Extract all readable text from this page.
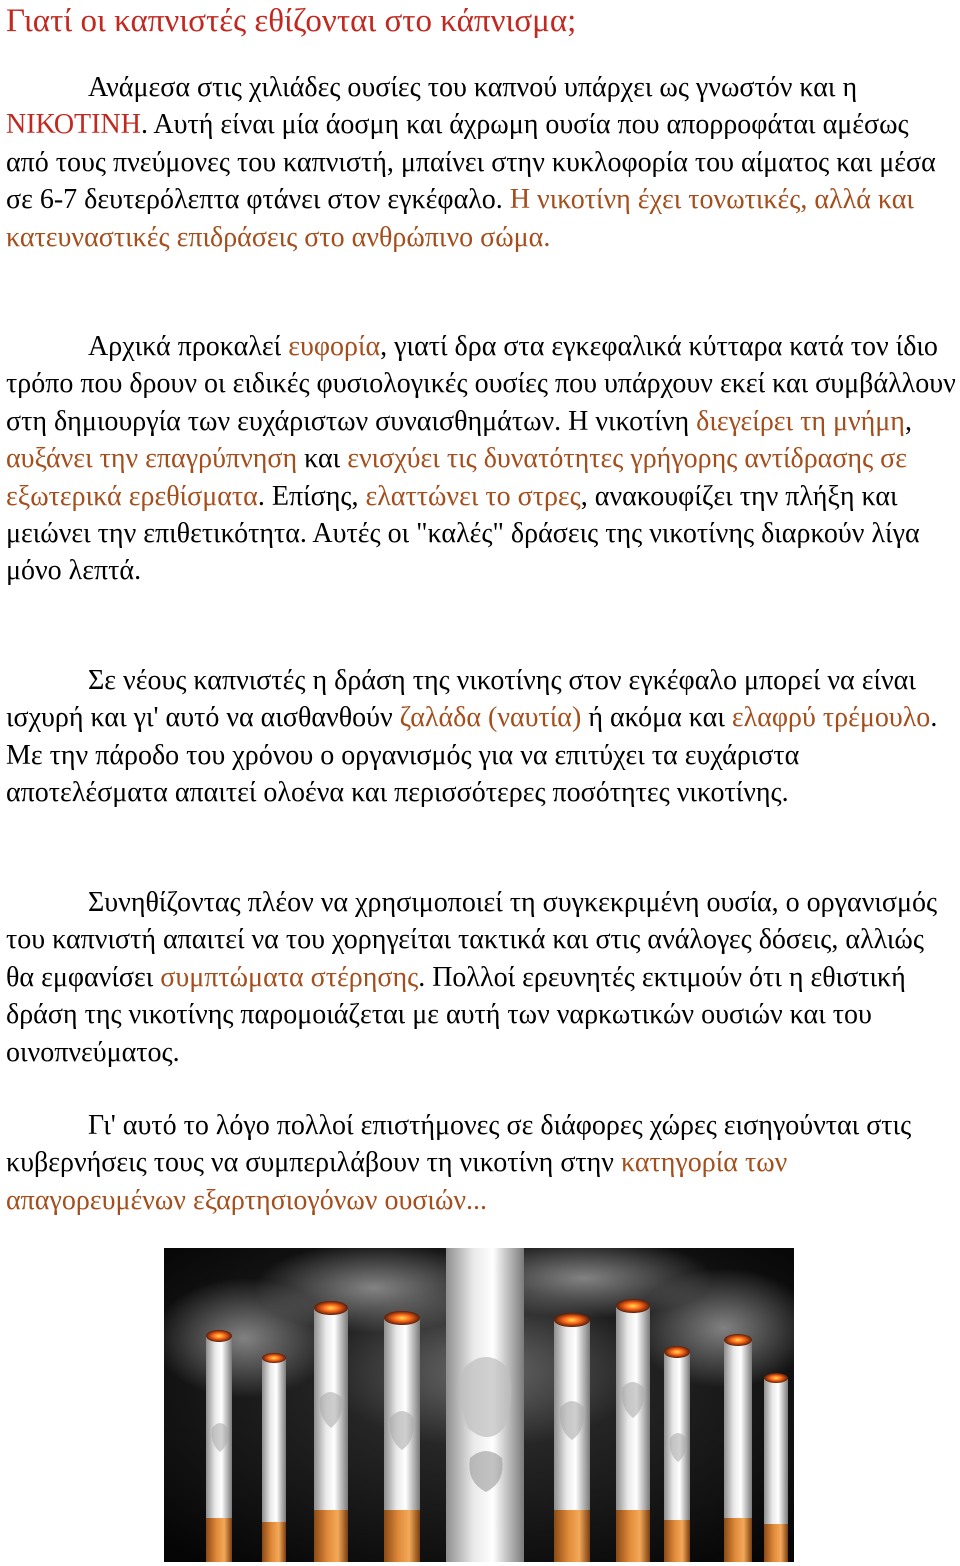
Γιατί οι καπνιστές εθίζονται στο κάπνισμα;

Ανάμεσα στις χιλιάδες ουσίες του καπνού υπάρχει ως γνωστόν και η ΝΙΚΟΤΙΝΗ. Αυτή είναι μία άοσμη και άχρωμη ουσία που απορροφάται αμέσως από τους πνεύμονες του καπνιστή, μπαίνει στην κυκλοφορία του αίματος και μέσα σε 6-7 δευτερόλεπτα φτάνει στον εγκέφαλο. Η νικοτίνη έχει τονωτικές, αλλά και κατευναστικές επιδράσεις στο ανθρώπινο σώμα.

Αρχικά προκαλεί ευφορία, γιατί δρα στα εγκεφαλικά κύτταρα κατά τον ίδιο τρόπο που δρουν οι ειδικές φυσιολογικές ουσίες που υπάρχουν εκεί και συμβάλλουν στη δημιουργία των ευχάριστων συναισθημάτων. Η νικοτίνη διεγείρει τη μνήμη, αυξάνει την επαγρύπνηση και ενισχύει τις δυνατότητες γρήγορης αντίδρασης σε εξωτερικά ερεθίσματα. Επίσης, ελαττώνει το στρες, ανακουφίζει την πλήξη και μειώνει την επιθετικότητα. Αυτές οι "καλές" δράσεις της νικοτίνης διαρκούν λίγα μόνο λεπτά.

Σε νέους καπνιστές η δράση της νικοτίνης στον εγκέφαλο μπορεί να είναι ισχυρή και γι' αυτό να αισθανθούν ζαλάδα (ναυτία) ή ακόμα και ελαφρύ τρέμουλο. Με την πάροδο του χρόνου ο οργανισμός για να επιτύχει τα ευχάριστα αποτελέσματα απαιτεί ολοένα και περισσότερες ποσότητες νικοτίνης.

Συνηθίζοντας πλέον να χρησιμοποιεί τη συγκεκριμένη ουσία, ο οργανισμός του καπνιστή απαιτεί να του χορηγείται τακτικά και στις ανάλογες δόσεις, αλλιώς θα εμφανίσει συμπτώματα στέρησης. Πολλοί ερευνητές εκτιμούν ότι η εθιστική δράση της νικοτίνης παρομοιάζεται με αυτή των ναρκωτικών ουσιών και του οινοπνεύματος.

Γι' αυτό το λόγο πολλοί επιστήμονες σε διάφορες χώρες εισηγούνται στις κυβερνήσεις τους να συμπεριλάβουν τη νικοτίνη στην κατηγορία των απαγορευμένων εξαρτησιογόνων ουσιών...
